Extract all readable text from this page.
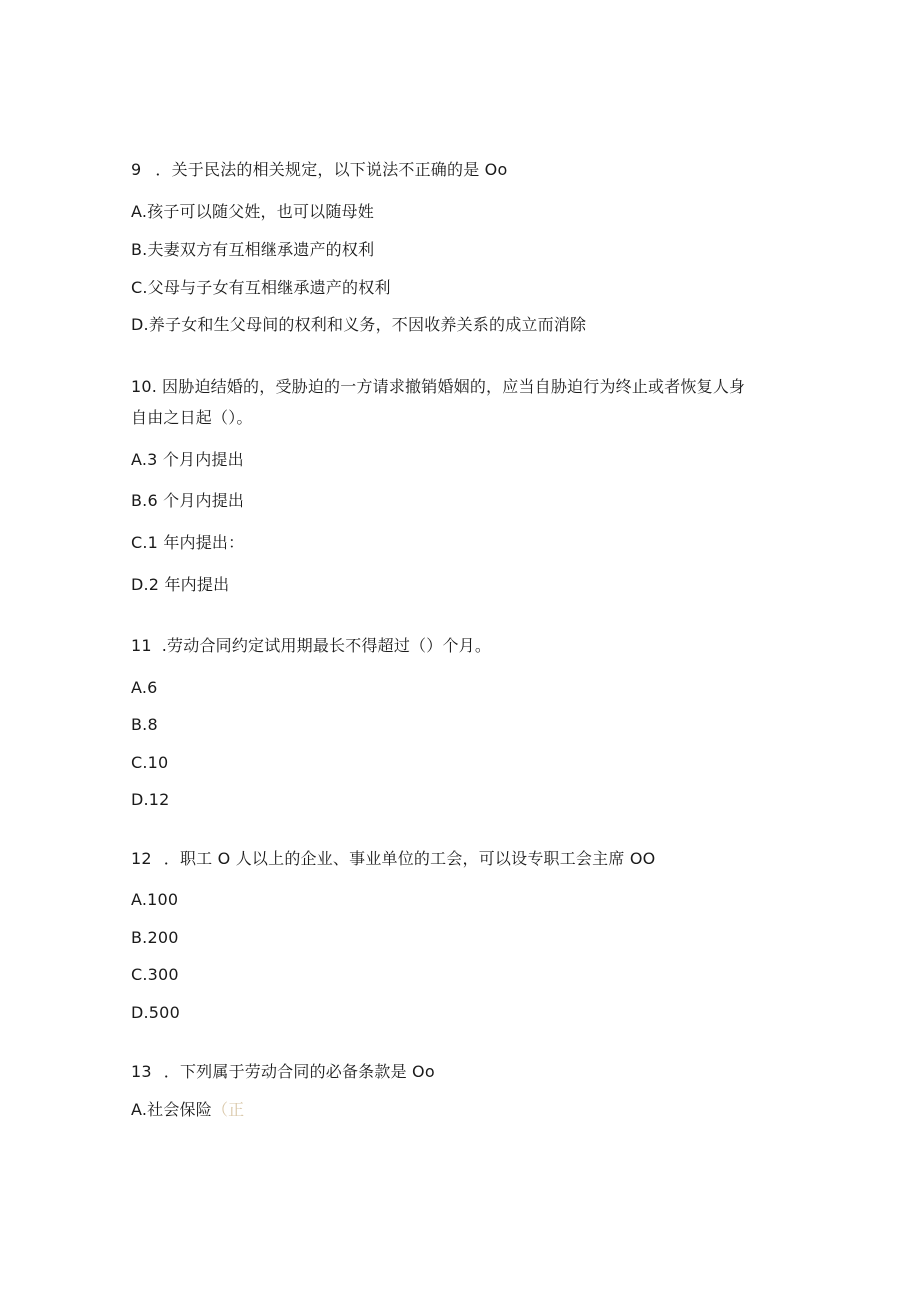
9 ．关于民法的相关规定，以下说法不正确的是 Oo
A.孩子可以随父姓，也可以随母姓
B.夫妻双方有互相继承遗产的权利
C.父母与子女有互相继承遗产的权利
D.养子女和生父母间的权利和义务，不因收养关系的成立而消除
10. 因胁迫结婚的，受胁迫的一方请求撤销婚姻的，应当自胁迫行为终止或者恢复人身
自由之日起（）。
A.3 个月内提出
B.6 个月内提出
C.1 年内提出：
D.2 年内提出
11 .劳动合同约定试用期最长不得超过（）个月。
A.6
B.8
C.10
D.12
12 ．职工 O 人以上的企业、事业单位的工会，可以设专职工会主席 OO
A.100
B.200
C.300
D.500
13 ．下列属于劳动合同的必备条款是 Oo
A.社会保险（正
